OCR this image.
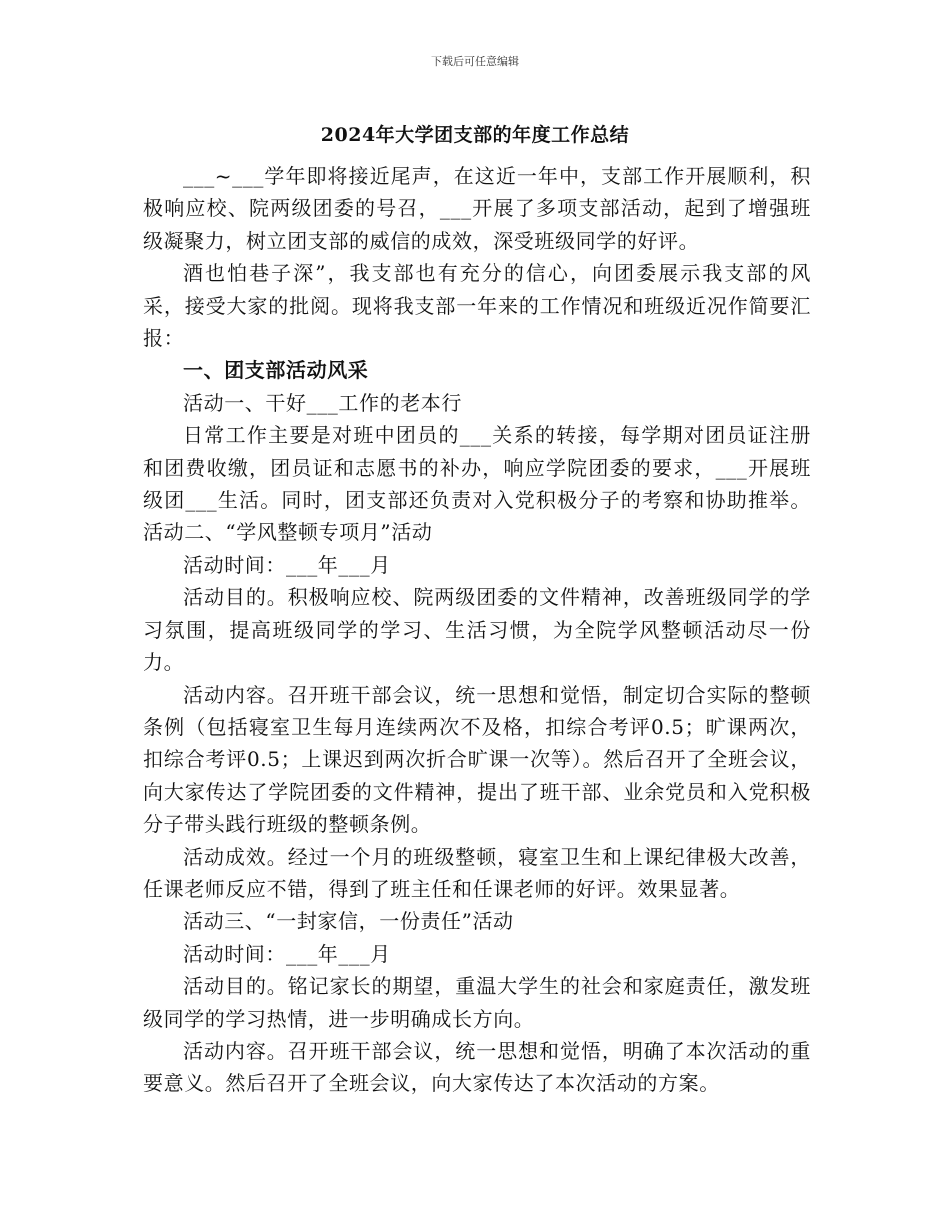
下载后可任意编辑
2024年大学团支部的年度工作总结

___~___学年即将接近尾声，在这近一年中，支部工作开展顺利，积极响应校、院两级团委的号召，___开展了多项支部活动，起到了增强班级凝聚力，树立团支部的威信的成效，深受班级同学的好评。

酒也怕巷子深”，我支部也有充分的信心，向团委展示我支部的风采，接受大家的批阅。现将我支部一年来的工作情况和班级近况作简要汇报：

一、团支部活动风采

活动一、干好___工作的老本行

日常工作主要是对班中团员的___关系的转接，每学期对团员证注册和团费收缴，团员证和志愿书的补办，响应学院团委的要求，___开展班级团___生活。同时，团支部还负责对入党积极分子的考察和协助推举。活动二、“学风整顿专项月”活动

活动时间：___年___月

活动目的。积极响应校、院两级团委的文件精神，改善班级同学的学习氛围，提高班级同学的学习、生活习惯，为全院学风整顿活动尽一份力。

活动内容。召开班干部会议，统一思想和觉悟，制定切合实际的整顿条例（包括寝室卫生每月连续两次不及格，扣综合考评0.5；旷课两次，扣综合考评0.5；上课迟到两次折合旷课一次等）。然后召开了全班会议，向大家传达了学院团委的文件精神，提出了班干部、业余党员和入党积极分子带头践行班级的整顿条例。

活动成效。经过一个月的班级整顿，寝室卫生和上课纪律极大改善，任课老师反应不错，得到了班主任和任课老师的好评。效果显著。

活动三、“一封家信，一份责任”活动

活动时间：___年___月

活动目的。铭记家长的期望，重温大学生的社会和家庭责任，激发班级同学的学习热情，进一步明确成长方向。

活动内容。召开班干部会议，统一思想和觉悟，明确了本次活动的重要意义。然后召开了全班会议，向大家传达了本次活动的方案。
